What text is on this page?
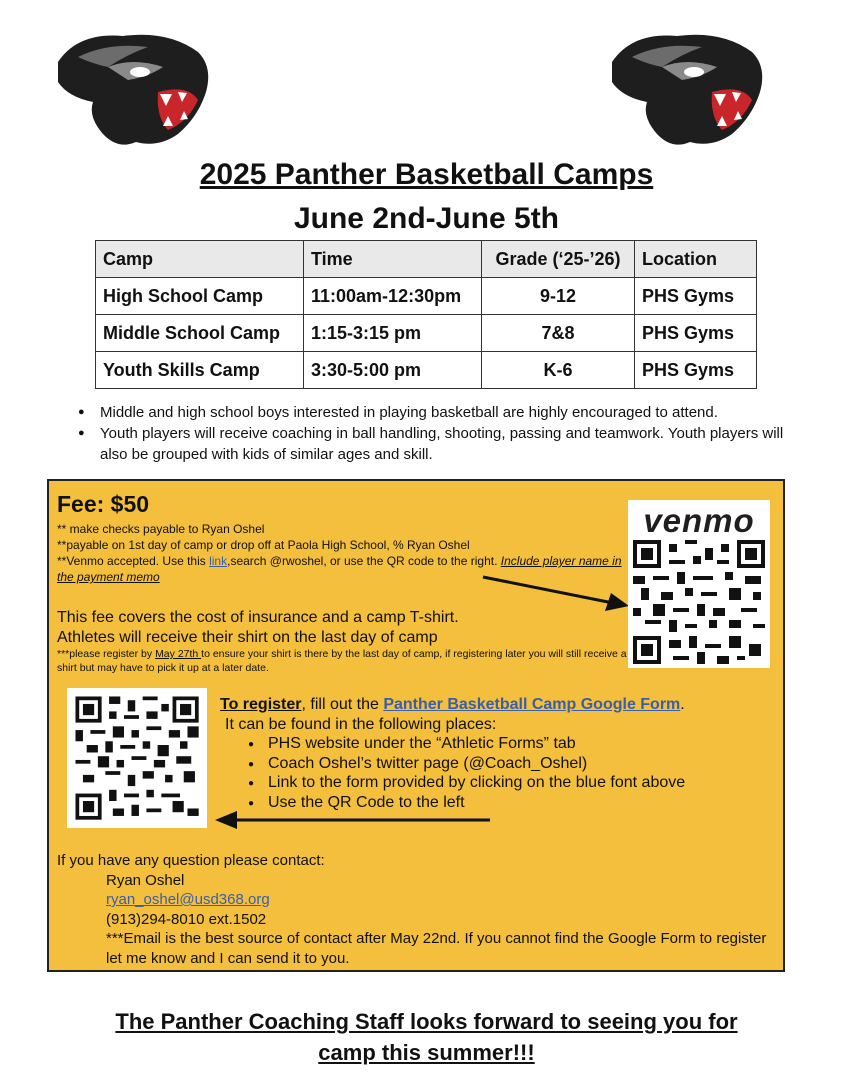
2025 Panther Basketball Camps
June 2nd-June 5th
Camp	Time	Grade (‘25-’26)	Location
High School Camp	11:00am-12:30pm	9-12	PHS Gyms
Middle School Camp	1:15-3:15 pm	7&8	PHS Gyms
Youth Skills Camp	3:30-5:00 pm	K-6	PHS Gyms
● Middle and high school boys interested in playing basketball are highly encouraged to attend.
● Youth players will receive coaching in ball handling, shooting, passing and teamwork. Youth players will also be grouped with kids of similar ages and skill.
Fee: $50
** make checks payable to Ryan Oshel
**payable on 1st day of camp or drop off at Paola High School, % Ryan Oshel
**Venmo accepted. Use this link,search @rwoshel, or use the QR code to the right. Include player name in the payment memo
This fee covers the cost of insurance and a camp T-shirt.
Athletes will receive their shirt on the last day of camp
***please register by May 27th to ensure your shirt is there by the last day of camp, if registering later you will still receive a shirt but may have to pick it up at a later date.
venmo
To register, fill out the Panther Basketball Camp Google Form.
It can be found in the following places:
● PHS website under the “Athletic Forms” tab
● Coach Oshel’s twitter page (@Coach_Oshel)
● Link to the form provided by clicking on the blue font above
● Use the QR Code to the left
If you have any question please contact:
Ryan Oshel
ryan_oshel@usd368.org
(913)294-8010 ext.1502
***Email is the best source of contact after May 22nd. If you cannot find the Google Form to register let me know and I can send it to you.
The Panther Coaching Staff looks forward to seeing you for
camp this summer!!!
